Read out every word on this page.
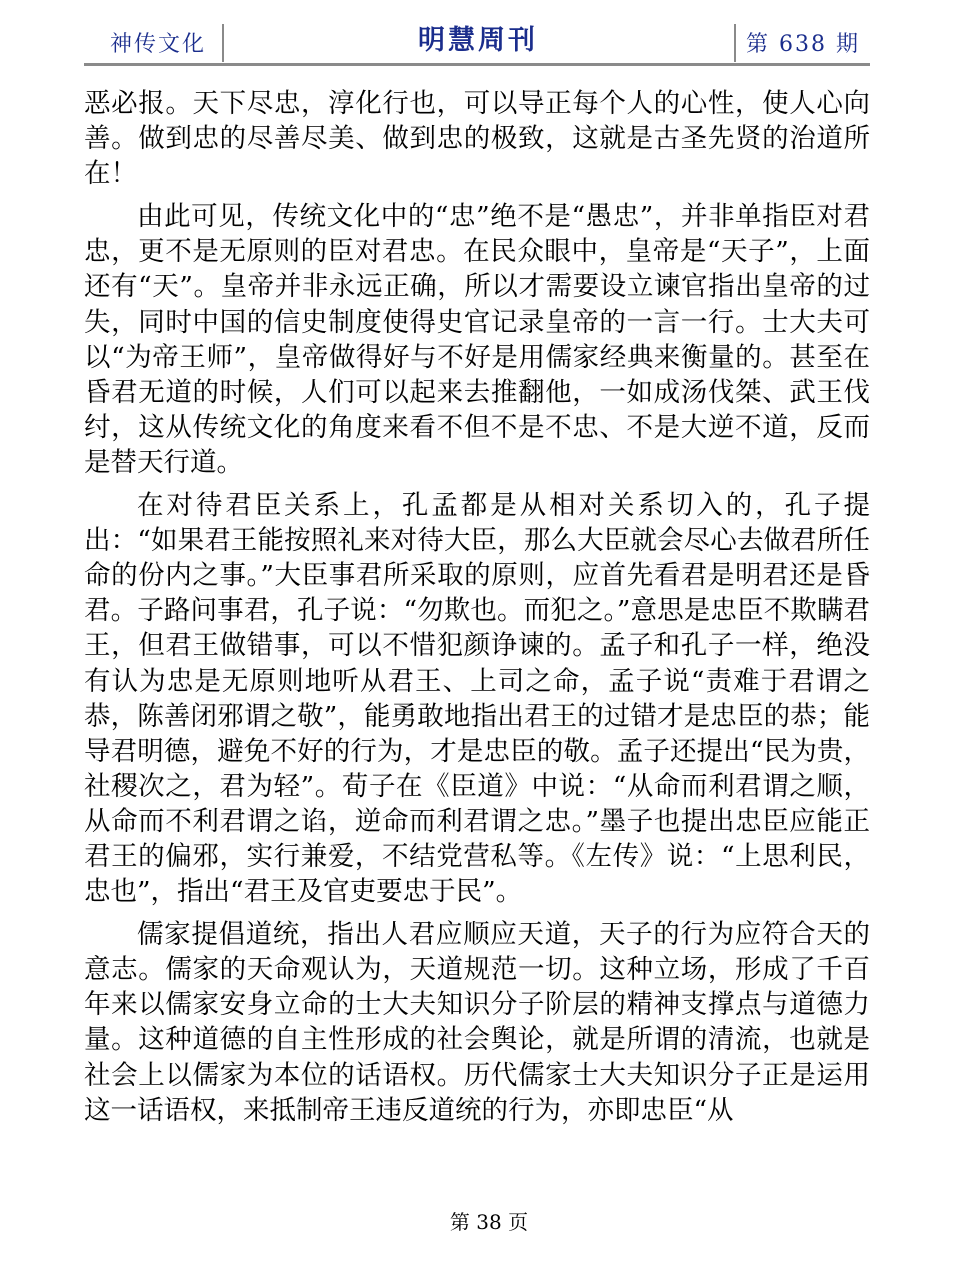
神传文化	明慧周刊	第 638 期

恶必报。天下尽忠，淳化行也，可以导正每个人的心性，使人心向善。做到忠的尽善尽美、做到忠的极致，这就是古圣先贤的治道所在！

由此可见，传统文化中的“忠”绝不是“愚忠”，并非单指臣对君忠，更不是无原则的臣对君忠。在民众眼中，皇帝是“天子”，上面还有“天”。皇帝并非永远正确，所以才需要设立谏官指出皇帝的过失，同时中国的信史制度使得史官记录皇帝的一言一行。士大夫可以“为帝王师”，皇帝做得好与不好是用儒家经典来衡量的。甚至在昏君无道的时候，人们可以起来去推翻他，一如成汤伐桀、武王伐纣，这从传统文化的角度来看不但不是不忠、不是大逆不道，反而是替天行道。

在对待君臣关系上，孔孟都是从相对关系切入的，孔子提出：“如果君王能按照礼来对待大臣，那么大臣就会尽心去做君所任命的份内之事。”大臣事君所采取的原则，应首先看君是明君还是昏君。子路问事君，孔子说：“勿欺也。而犯之。”意思是忠臣不欺瞒君王，但君王做错事，可以不惜犯颜诤谏的。孟子和孔子一样，绝没有认为忠是无原则地听从君王、上司之命，孟子说“责难于君谓之恭，陈善闭邪谓之敬”，能勇敢地指出君王的过错才是忠臣的恭；能导君明德，避免不好的行为，才是忠臣的敬。孟子还提出“民为贵，社稷次之，君为轻”。荀子在《臣道》中说：“从命而利君谓之顺，从命而不利君谓之谄，逆命而利君谓之忠。”墨子也提出忠臣应能正君王的偏邪，实行兼爱，不结党营私等。《左传》说：“上思利民，忠也”，指出“君王及官吏要忠于民”。

儒家提倡道统，指出人君应顺应天道，天子的行为应符合天的意志。儒家的天命观认为，天道规范一切。这种立场，形成了千百年来以儒家安身立命的士大夫知识分子阶层的精神支撑点与道德力量。这种道德的自主性形成的社会舆论，就是所谓的清流，也就是社会上以儒家为本位的话语权。历代儒家士大夫知识分子正是运用这一话语权，来抵制帝王违反道统的行为，亦即忠臣“从

第 38 页
